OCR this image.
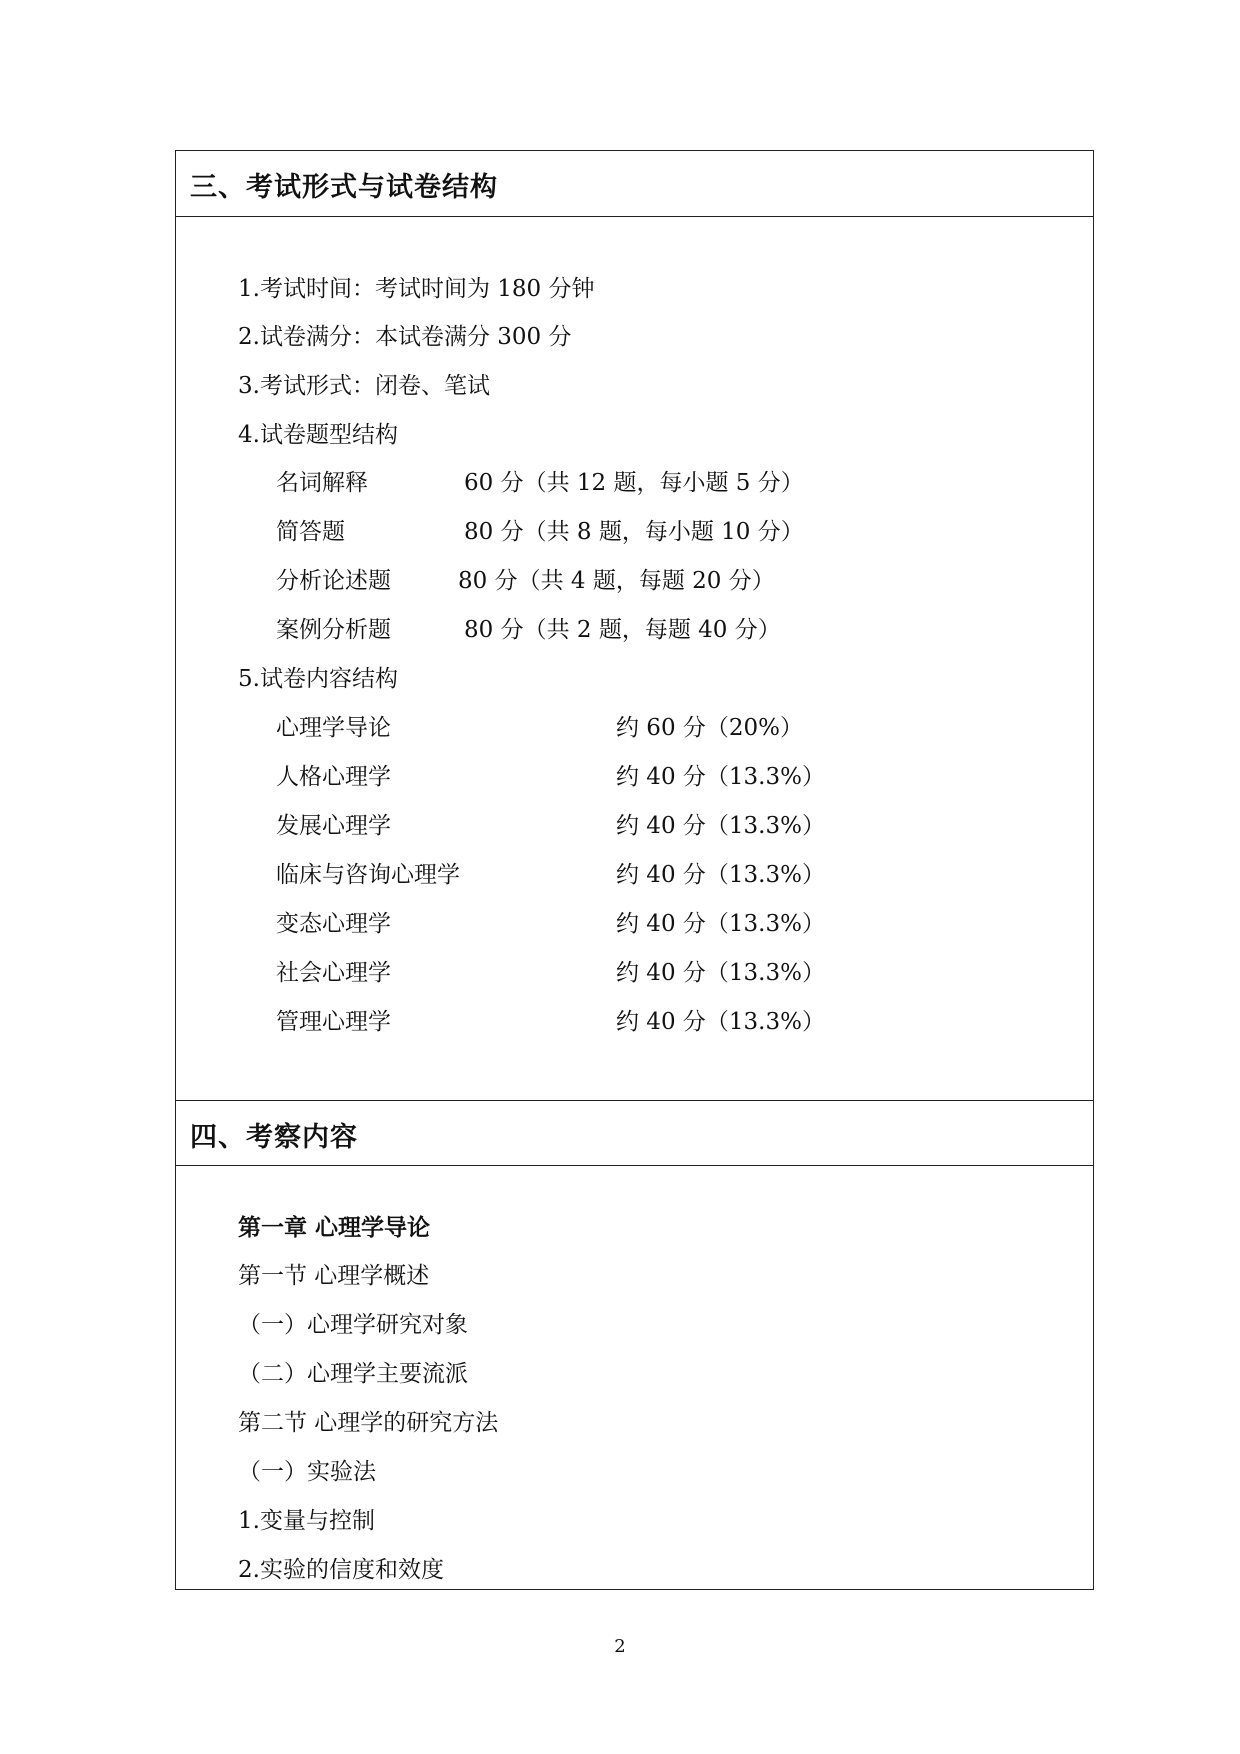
三、考试形式与试卷结构
1.考试时间：考试时间为 180 分钟
2.试卷满分：本试卷满分 300 分
3.考试形式：闭卷、笔试
4.试卷题型结构
名词解释	60 分（共 12 题，每小题 5 分）
简答题	80 分（共 8 题，每小题 10 分）
分析论述题	80 分（共 4 题，每题 20 分）
案例分析题	80 分（共 2 题，每题 40 分）
5.试卷内容结构
心理学导论	约 60 分（20%）
人格心理学	约 40 分（13.3%）
发展心理学	约 40 分（13.3%）
临床与咨询心理学	约 40 分（13.3%）
变态心理学	约 40 分（13.3%）
社会心理学	约 40 分（13.3%）
管理心理学	约 40 分（13.3%）
四、考察内容
第一章 心理学导论
第一节 心理学概述
（一）心理学研究对象
（二）心理学主要流派
第二节 心理学的研究方法
（一）实验法
1.变量与控制
2.实验的信度和效度
2
